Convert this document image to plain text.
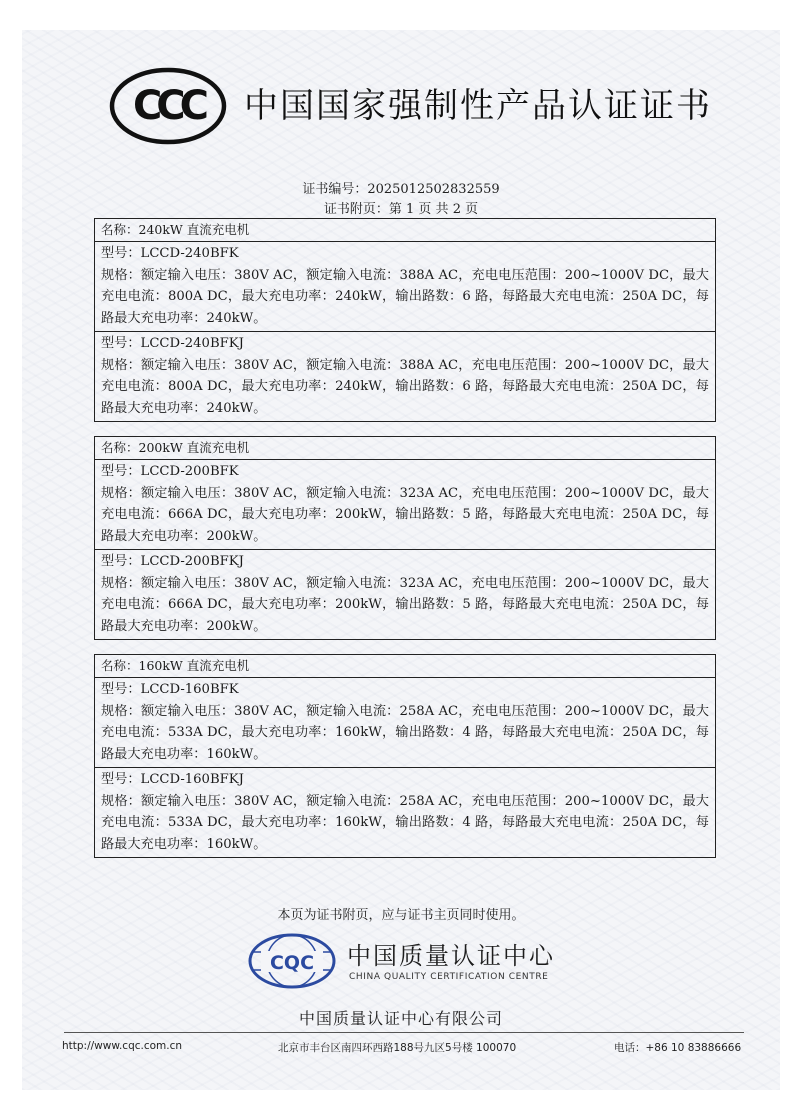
CCC 中国国家强制性产品认证证书
证书编号：2025012502832559
证书附页：第 1 页 共 2 页
名称：240kW 直流充电机
型号：LCCD-240BFK
规格：额定输入电压：380V AC，额定输入电流：388A AC，充电电压范围：200~1000V DC，最大充电电流：800A DC，最大充电功率：240kW，输出路数：6 路，每路最大充电电流：250A DC，每路最大充电功率：240kW。
型号：LCCD-240BFKJ
规格：额定输入电压：380V AC，额定输入电流：388A AC，充电电压范围：200~1000V DC，最大充电电流：800A DC，最大充电功率：240kW，输出路数：6 路，每路最大充电电流：250A DC，每路最大充电功率：240kW。
名称：200kW 直流充电机
型号：LCCD-200BFK
规格：额定输入电压：380V AC，额定输入电流：323A AC，充电电压范围：200~1000V DC，最大充电电流：666A DC，最大充电功率：200kW，输出路数：5 路，每路最大充电电流：250A DC，每路最大充电功率：200kW。
型号：LCCD-200BFKJ
规格：额定输入电压：380V AC，额定输入电流：323A AC，充电电压范围：200~1000V DC，最大充电电流：666A DC，最大充电功率：200kW，输出路数：5 路，每路最大充电电流：250A DC，每路最大充电功率：200kW。
名称：160kW 直流充电机
型号：LCCD-160BFK
规格：额定输入电压：380V AC，额定输入电流：258A AC，充电电压范围：200~1000V DC，最大充电电流：533A DC，最大充电功率：160kW，输出路数：4 路，每路最大充电电流：250A DC，每路最大充电功率：160kW。
型号：LCCD-160BFKJ
规格：额定输入电压：380V AC，额定输入电流：258A AC，充电电压范围：200~1000V DC，最大充电电流：533A DC，最大充电功率：160kW，输出路数：4 路，每路最大充电电流：250A DC，每路最大充电功率：160kW。
本页为证书附页，应与证书主页同时使用。
CQC 中国质量认证中心
CHINA QUALITY CERTIFICATION CENTRE
中国质量认证中心有限公司
http://www.cqc.com.cn	北京市丰台区南四环西路188号九区5号楼 100070	电话：+86 10 83886666
